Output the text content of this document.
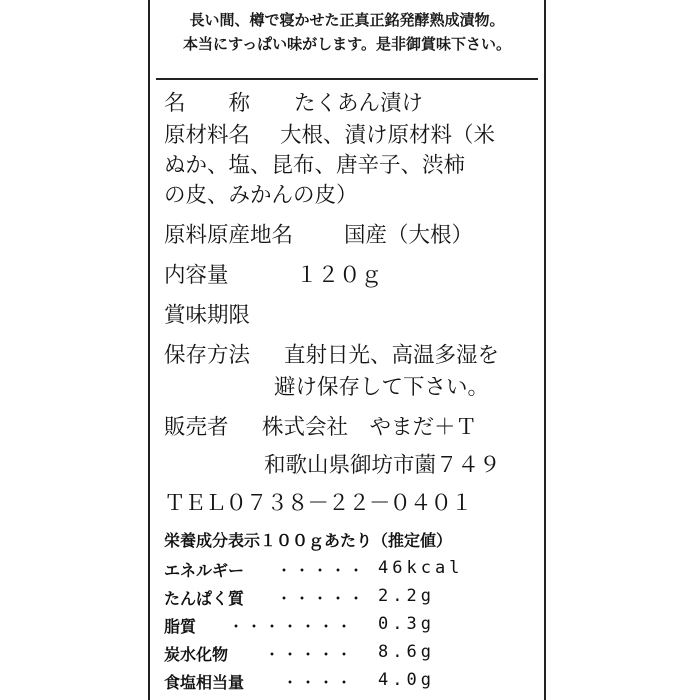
長い間、樽で寝かせた正真正銘発酵熟成漬物。
本当にすっぱい味がします。是非御賞味下さい。
名　　称 たくあん漬け
原材料名 大根、漬け原材料（米
ぬか、塩、昆布、唐辛子、渋柿
の皮、みかんの皮）
原料原産地名 国産（大根）
内容量	１２０ｇ
賞味期限
保存方法 直射日光、高温多湿を
避け保存して下さい。
販売者 株式会社　やまだ＋Ｔ
和歌山県御坊市薗７４９
ＴＥＬ０７３８－２２－０４０１
栄養成分表示１００ｇあたり（推定値）
エネルギー ・・・・・ 46kcal
たんぱく質 ・・・・・ 2.2g
脂質 ・・・・・・・ 0.3g
炭水化物 ・・・・・ 8.6g
食塩相当量 ・・・・ 4.0g
